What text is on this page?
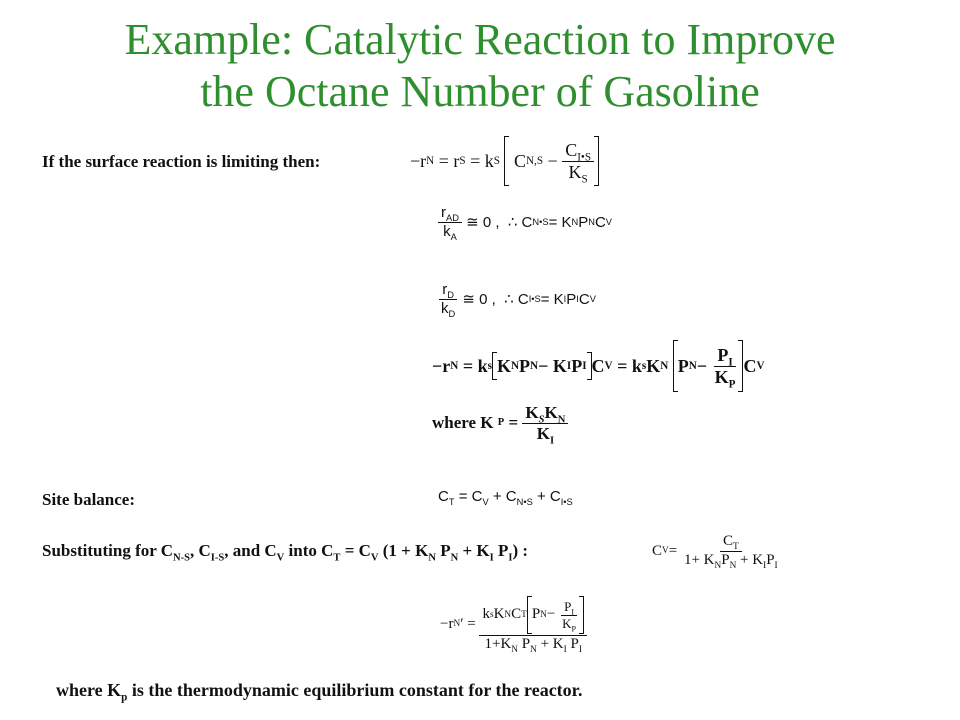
Example: Catalytic Reaction to Improve
the Octane Number of Gasoline
If the surface reaction is limiting then:	−r N = r S = k S
C $N,S - \frac{C_{I•S}}{K_S}$
$\frac{r_{AD}}{k_A}$ ≅ 0 ,  ∴ C N•S = K N P N C V
$\frac{r_D}{k_D}$ ≅ 0 ,  ∴ C I•S = K I P I C V
−r N = k s K N P N − K I P I C V = k s K N
P $N - \frac{P_I}{K_P}$ C V
where K
$P = \frac{K_SK_N}{K_I}$
Site balance:	$C_T = C_V + C_{N•S} + C_{I•S}$
Substituting for $C_{N-S}$, $C_{I-S}$, and $C_V$ into $C_T = C_V$ ($1 + K_N$ $P_N + K_I$ $P_I$) :	C $V = \frac{C_T}{1+ K_NP_N + K_IP_I}$
−r N ′ = $\frac{k s K N C T P N - \frac{P_I}{K_P}}{1+K_N P_N + K_I P_I}$
where $K_p$ is the thermodynamic equilibrium constant for the reactor.
